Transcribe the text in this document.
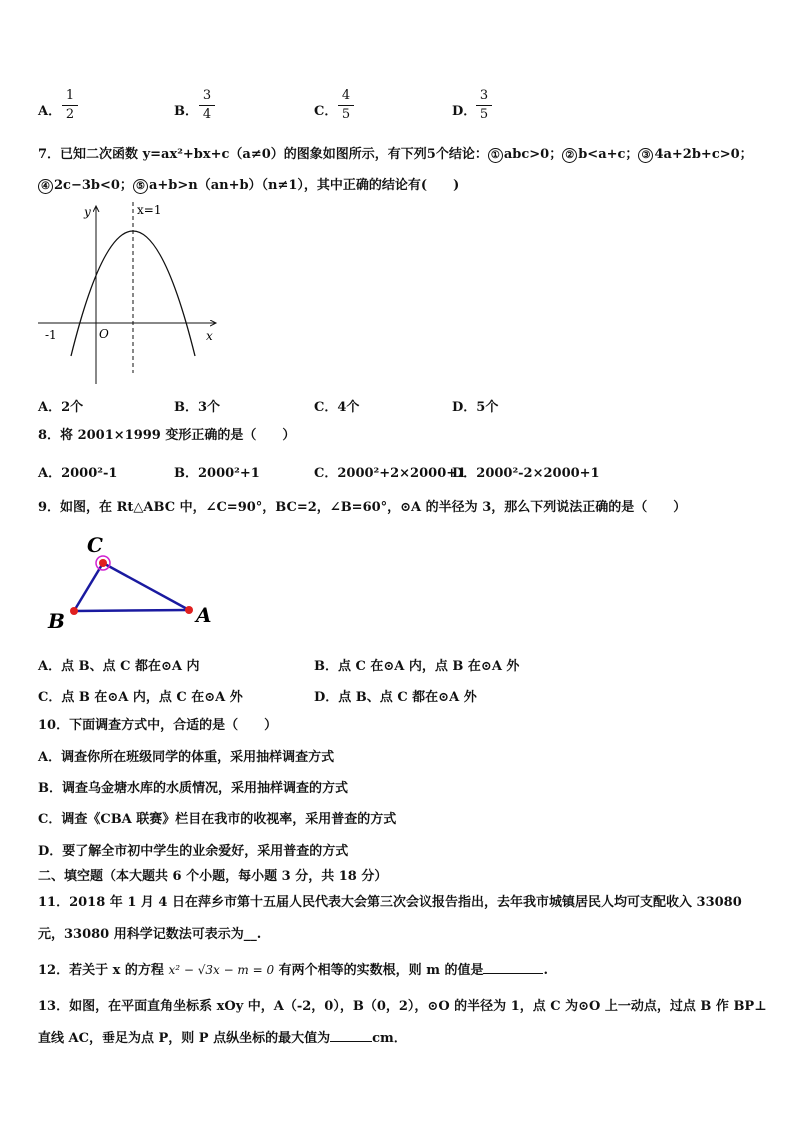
A．
1
2	B．
3
4	C．
4
5	D．
3
5
7．已知二次函数 y=ax²+bx+c（a≠0）的图象如图所示，有下列5个结论： ① abc>0； ② b<a+c； ③ 4a+2b+c>0；
④ 2c−3b<0； ⑤ a+b>n（an+b）（n≠1），其中正确的结论有(　　)
y	x=1
O
-1	x
A．2个	B．3个	C．4个	D．5个
8．将 2001×1999 变形正确的是（　　）
A．2000²-1	B．2000²+1	C．2000²+2×2000+1
D．2000²-2×2000+1
9．如图，在 Rt△ABC 中，∠C=90°，BC=2，∠B=60°，⊙A 的半径为 3，那么下列说法正确的是（　　）
C
B	A
A．点 B、点 C 都在⊙A 内	B．点 C 在⊙A 内，点 B 在⊙A 外
C．点 B 在⊙A 内，点 C 在⊙A 外	D．点 B、点 C 都在⊙A 外
10．下面调查方式中，合适的是（　　）
A．调查你所在班级同学的体重，采用抽样调查方式
B．调查乌金塘水库的水质情况，采用抽样调查的方式
C．调查《CBA 联赛》栏目在我市的收视率，采用普查的方式
D．要了解全市初中学生的业余爱好，采用普查的方式
二、填空题（本大题共 6 个小题，每小题 3 分，共 18 分）
11．2018 年 1 月 4 日在萍乡市第十五届人民代表大会第三次会议报告指出，去年我市城镇居民人均可支配收入 33080
元，33080 用科学记数法可表示为__.
12．若关于 x 的方程 x² − √3x − m = 0 有两个相等的实数根，则 m 的值是	.
13．如图，在平面直角坐标系 xOy 中，A（-2，0），B（0，2），⊙O 的半径为 1，点 C 为⊙O 上一动点，过点 B 作 BP⊥
直线 AC，垂足为点 P，则 P 点纵坐标的最大值为	cm．
